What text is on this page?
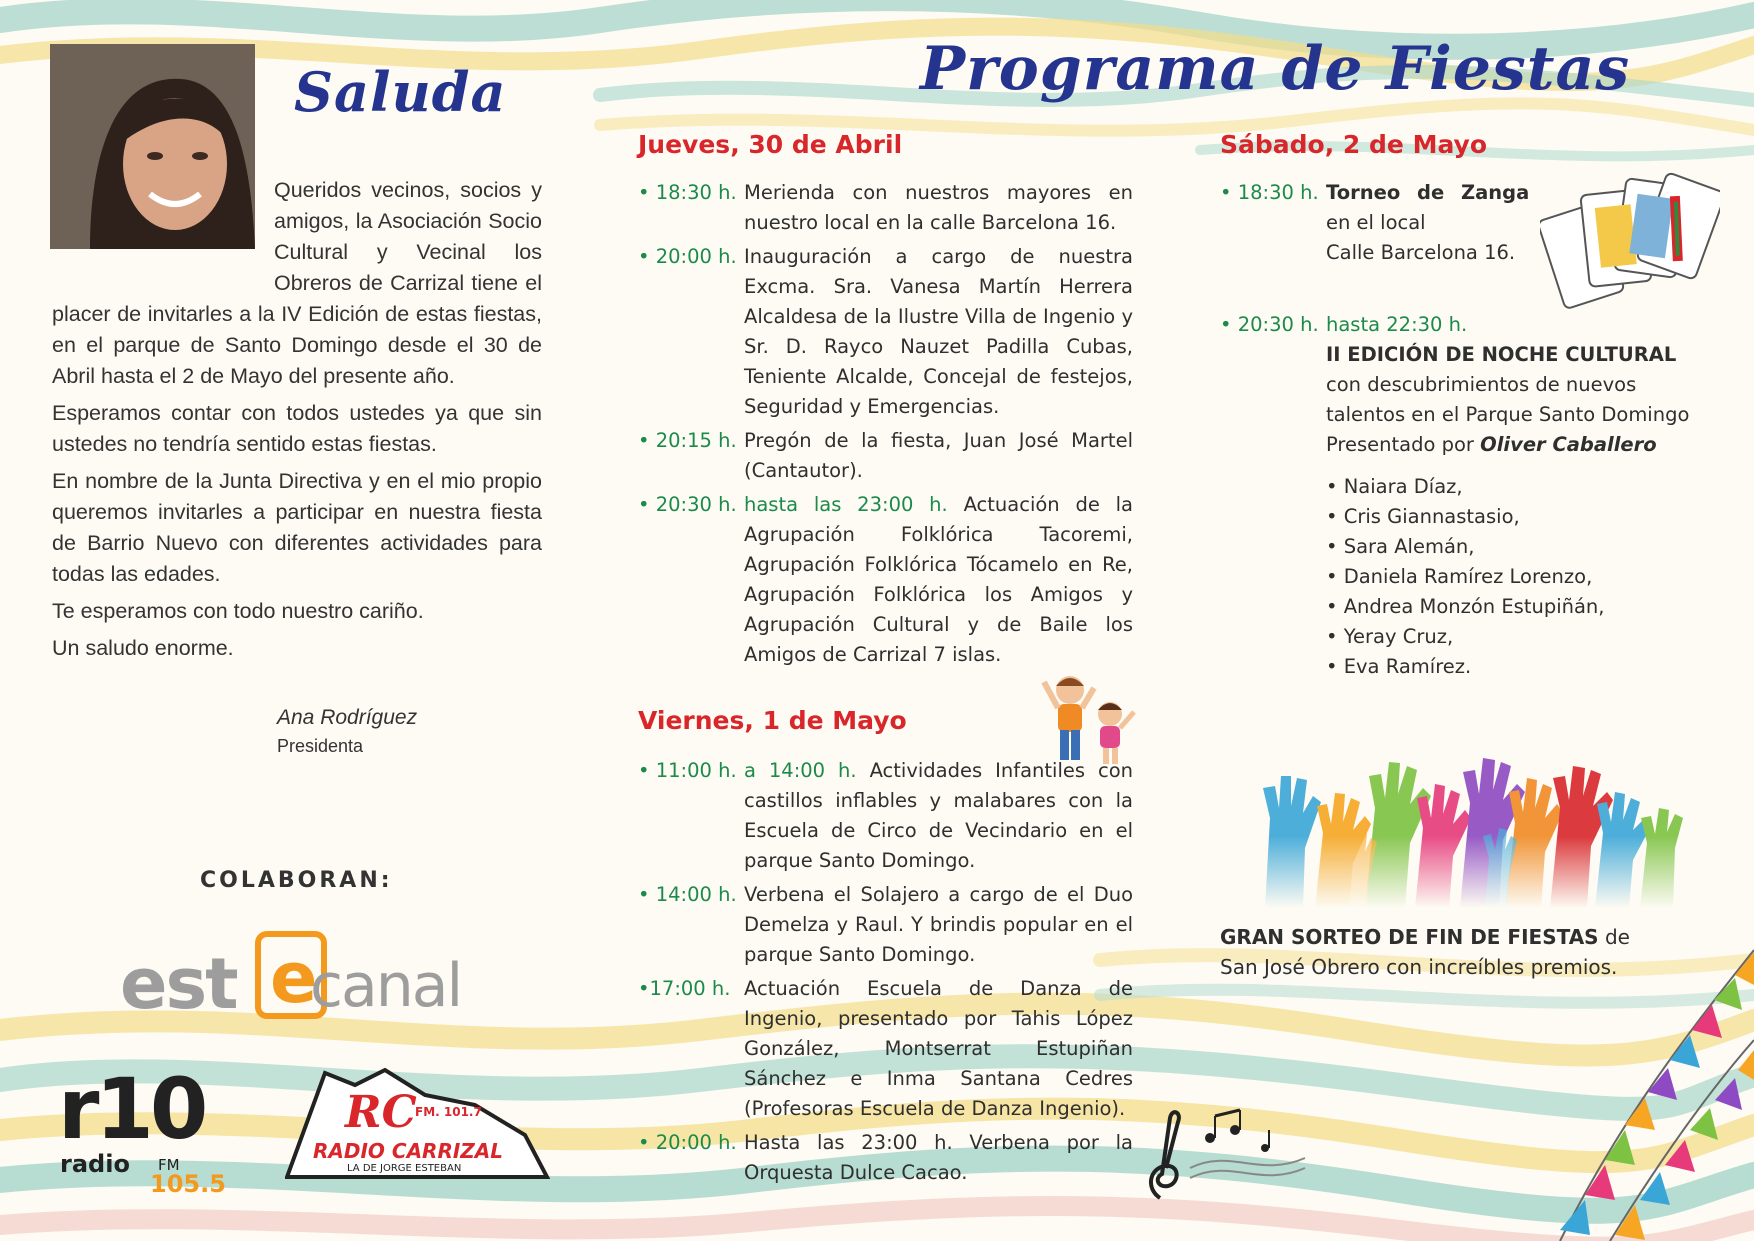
Saluda

Queridos vecinos, socios y amigos, la Asociación Socio Cultural y Vecinal los Obreros de Carrizal tiene el placer de invitarles a la IV Edición de estas fiestas, en el parque de Santo Domingo desde el 30 de Abril hasta el 2 de Mayo del presente año.

Esperamos contar con todos ustedes ya que sin ustedes no tendría sentido estas fiestas.

En nombre de la Junta Directiva y en el mio propio queremos invitarles a participar en nuestra fiesta de Barrio Nuevo con diferentes actividades para todas las edades.

Te esperamos con todo nuestro cariño.

Un saludo enorme.

Ana Rodríguez
Presidenta
COLABORAN:
est e
canal
r10
radio FM
105.5
RC
FM. 101.7
RADIO CARRIZAL
LA DE JORGE ESTEBAN
Programa de Fiestas
Jueves, 30 de Abril
• 18:30 h. Merienda con nuestros mayores en nuestro local en la calle Barcelona 16.
• 20:00 h. Inauguración a cargo de nuestra Excma. Sra. Vanesa Martín Herrera Alcaldesa de la Ilustre Villa de Ingenio y Sr. D. Rayco Nauzet Padilla Cubas, Teniente Alcalde, Concejal de festejos, Seguridad y Emergencias.
• 20:15 h. Pregón de la fiesta, Juan José Martel (Cantautor).
• 20:30 h. hasta las 23:00 h. Actuación de la Agrupación Folklórica Tacoremi, Agrupación Folklórica Tócamelo en Re, Agrupación Folklórica los Amigos y Agrupación Cultural y de Baile los Amigos de Carrizal 7 islas.
Viernes, 1 de Mayo
• 11:00 h. a 14:00 h. Actividades Infantiles con castillos inflables y malabares con la Escuela de Circo de Vecindario en el parque Santo Domingo.
• 14:00 h. Verbena el Solajero a cargo de el Duo Demelza y Raul. Y brindis popular en el parque Santo Domingo.
•17:00 h. Actuación Escuela de Danza de Ingenio, presentado por Tahis López González, Montserrat Estupiñan Sánchez e Inma Santana Cedres (Profesoras Escuela de Danza Ingenio).
• 20:00 h. Hasta las 23:00 h. Verbena por la Orquesta Dulce Cacao.
Sábado, 2 de Mayo
• 18:30 h. Torneo de Zanga
en el local
Calle Barcelona 16.
• 20:30 h. hasta 22:30 h.
II EDICIÓN DE NOCHE CULTURAL
con descubrimientos de nuevos talentos en el Parque Santo Domingo Presentado por Oliver Caballero
• Naiara Díaz,
• Cris Giannastasio,
• Sara Alemán,
• Daniela Ramírez Lorenzo,
• Andrea Monzón Estupiñán,
• Yeray Cruz,
• Eva Ramírez.
GRAN SORTEO DE FIN DE FIESTAS de San José Obrero con increíbles premios.
